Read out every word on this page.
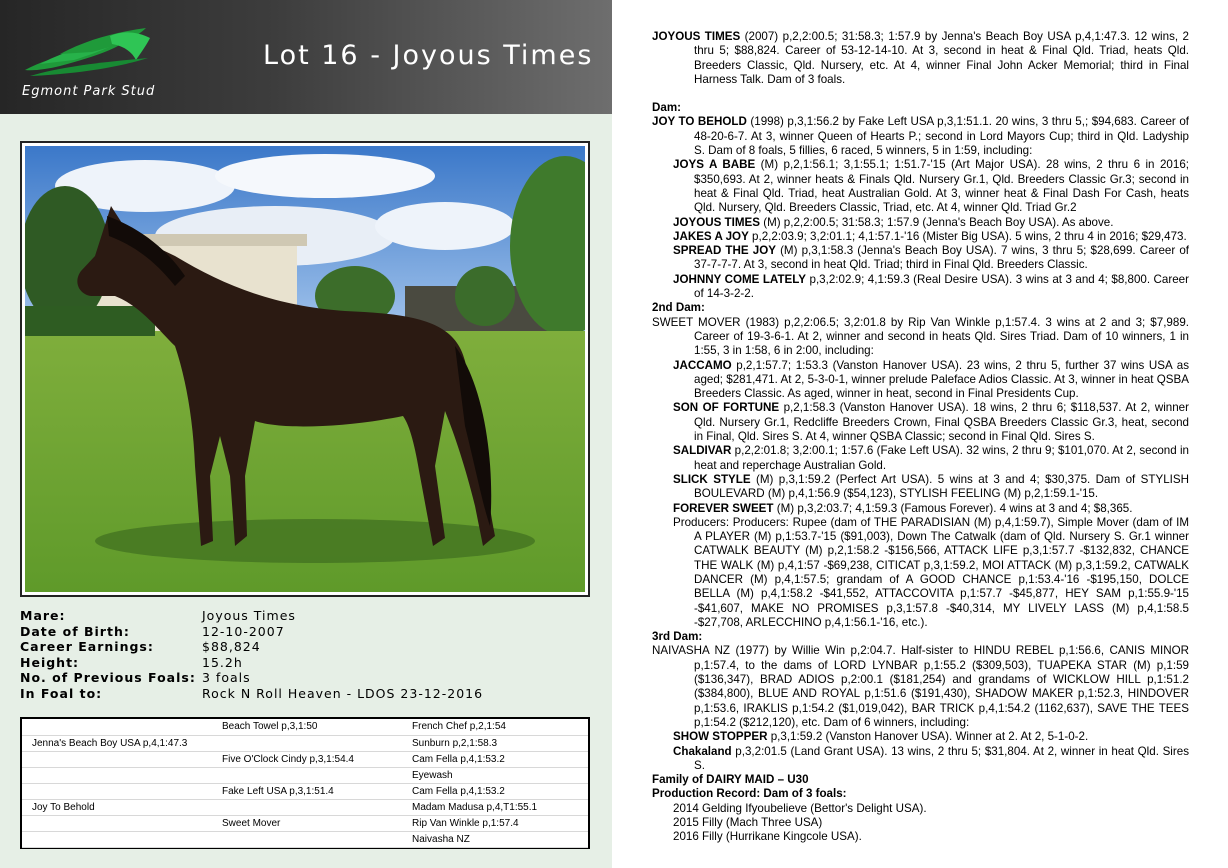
Egmont Park Stud
Lot 16 - Joyous Times
Mare:	Joyous Times
Date of Birth:	12-10-2007
Career Earnings:	$88,824
Height:	15.2h
No. of Previous Foals: 3 foals
In Foal to:	Rock N Roll Heaven - LDOS 23-12-2016
	Beach Towel p,3,1:50	French Chef p,2,1:54
Jenna's Beach Boy USA p,4,1:47.3		Sunburn p,2,1:58.3
	Five O'Clock Cindy p,3,1:54.4	Cam Fella p,4,1:53.2
		Eyewash
	Fake Left USA p,3,1:51.4	Cam Fella p,4,1:53.2
Joy To Behold		Madam Madusa p,4,T1:55.1
	Sweet Mover	Rip Van Winkle p,1:57.4
		Naivasha NZ
JOYOUS TIMES (2007) p,2,2:00.5; 31:58.3; 1:57.9 by Jenna's Beach Boy USA p,4,1:47.3. 12 wins, 2 thru 5; $88,824. Career of 53-12-14-10. At 3, second in heat & Final Qld. Triad, heats Qld. Breeders Classic, Qld. Nursery, etc. At 4, winner Final John Acker Memorial; third in Final Harness Talk. Dam of 3 foals.
Dam:
JOY TO BEHOLD (1998) p,3,1:56.2 by Fake Left USA p,3,1:51.1. 20 wins, 3 thru 5,; $94,683. Career of 48-20-6-7. At 3, winner Queen of Hearts P.; second in Lord Mayors Cup; third in Qld. Ladyship S. Dam of 8 foals, 5 fillies, 6 raced, 5 winners, 5 in 1:59, including:
JOYS A BABE (M) p,2,1:56.1; 3,1:55.1; 1:51.7-'15 (Art Major USA). 28 wins, 2 thru 6 in 2016; $350,693. At 2, winner heats & Finals Qld. Nursery Gr.1, Qld. Breeders Classic Gr.3; second in heat & Final Qld. Triad, heat Australian Gold. At 3, winner heat & Final Dash For Cash, heats Qld. Nursery, Qld. Breeders Classic, Triad, etc. At 4, winner Qld. Triad Gr.2
JOYOUS TIMES (M) p,2,2:00.5; 31:58.3; 1:57.9 (Jenna's Beach Boy USA). As above.
JAKES A JOY p,2,2:03.9; 3,2:01.1; 4,1:57.1-'16 (Mister Big USA). 5 wins, 2 thru 4 in 2016; $29,473.
SPREAD THE JOY (M) p,3,1:58.3 (Jenna's Beach Boy USA). 7 wins, 3 thru 5; $28,699. Career of 37-7-7-7. At 3, second in heat Qld. Triad; third in Final Qld. Breeders Classic.
JOHNNY COME LATELY p,3,2:02.9; 4,1:59.3 (Real Desire USA). 3 wins at 3 and 4; $8,800. Career of 14-3-2-2.
2nd Dam:
SWEET MOVER (1983) p,2,2:06.5; 3,2:01.8 by Rip Van Winkle p,1:57.4. 3 wins at 2 and 3; $7,989. Career of 19-3-6-1. At 2, winner and second in heats Qld. Sires Triad. Dam of 10 winners, 1 in 1:55, 3 in 1:58, 6 in 2:00, including:
JACCAMO p,2,1:57.7; 1:53.3 (Vanston Hanover USA). 23 wins, 2 thru 5, further 37 wins USA as aged; $281,471. At 2, 5-3-0-1, winner prelude Paleface Adios Classic. At 3, winner in heat QSBA Breeders Classic. As aged, winner in heat, second in Final Presidents Cup.
SON OF FORTUNE p,2,1:58.3 (Vanston Hanover USA). 18 wins, 2 thru 6; $118,537. At 2, winner Qld. Nursery Gr.1, Redcliffe Breeders Crown, Final QSBA Breeders Classic Gr.3, heat, second in Final, Qld. Sires S. At 4, winner QSBA Classic; second in Final Qld. Sires S.
SALDIVAR p,2,2:01.8; 3,2:00.1; 1:57.6 (Fake Left USA). 32 wins, 2 thru 9; $101,070. At 2, second in heat and reperchage Australian Gold.
SLICK STYLE (M) p,3,1:59.2 (Perfect Art USA). 5 wins at 3 and 4; $30,375. Dam of STYLISH BOULEVARD (M) p,4,1:56.9 ($54,123), STYLISH FEELING (M) p,2,1:59.1-'15.
FOREVER SWEET (M) p,3,2:03.7; 4,1:59.3 (Famous Forever). 4 wins at 3 and 4; $8,365.
Producers: Producers: Rupee (dam of THE PARADISIAN (M) p,4,1:59.7), Simple Mover (dam of IM A PLAYER (M) p,1:53.7-'15 ($91,003), Down The Catwalk (dam of Qld. Nursery S. Gr.1 winner CATWALK BEAUTY (M) p,2,1:58.2 -$156,566, ATTACK LIFE p,3,1:57.7 -$132,832, CHANCE THE WALK (M) p,4,1:57 -$69,238, CITICAT p,3,1:59.2, MOI ATTACK (M) p,3,1:59.2, CATWALK DANCER (M) p,4,1:57.5; grandam of A GOOD CHANCE p,1:53.4-'16 -$195,150, DOLCE BELLA (M) p,4,1:58.2 -$41,552, ATTACCOVITA p,1:57.7 -$45,877, HEY SAM p,1:55.9-'15 -$41,607, MAKE NO PROMISES p,3,1:57.8 -$40,314, MY LIVELY LASS (M) p,4,1:58.5 -$27,708, ARLECCHINO p,4,1:56.1-'16, etc.).
3rd Dam:
NAIVASHA NZ (1977) by Willie Win p,2:04.7. Half-sister to HINDU REBEL p,1:56.6, CANIS MINOR p,1:57.4, to the dams of LORD LYNBAR p,1:55.2 ($309,503), TUAPEKA STAR (M) p,1:59 ($136,347), BRAD ADIOS p,2:00.1 ($181,254) and grandams of WICKLOW HILL p,1:51.2 ($384,800), BLUE AND ROYAL p,1:51.6 ($191,430), SHADOW MAKER p,1:52.3, HINDOVER p,1:53.6, IRAKLIS p,1:54.2 ($1,019,042), BAR TRICK p,4,1:54.2 (1162,637), SAVE THE TEES p,1:54.2 ($212,120), etc. Dam of 6 winners, including:
SHOW STOPPER p,3,1:59.2 (Vanston Hanover USA). Winner at 2. At 2, 5-1-0-2.
Chakaland p,3,2:01.5 (Land Grant USA). 13 wins, 2 thru 5; $31,804. At 2, winner in heat Qld. Sires S.
Family of DAIRY MAID – U30
Production Record: Dam of 3 foals:
2014 Gelding Ifyoubelieve (Bettor's Delight USA).
2015 Filly (Mach Three USA)
2016 Filly (Hurrikane Kingcole USA).
